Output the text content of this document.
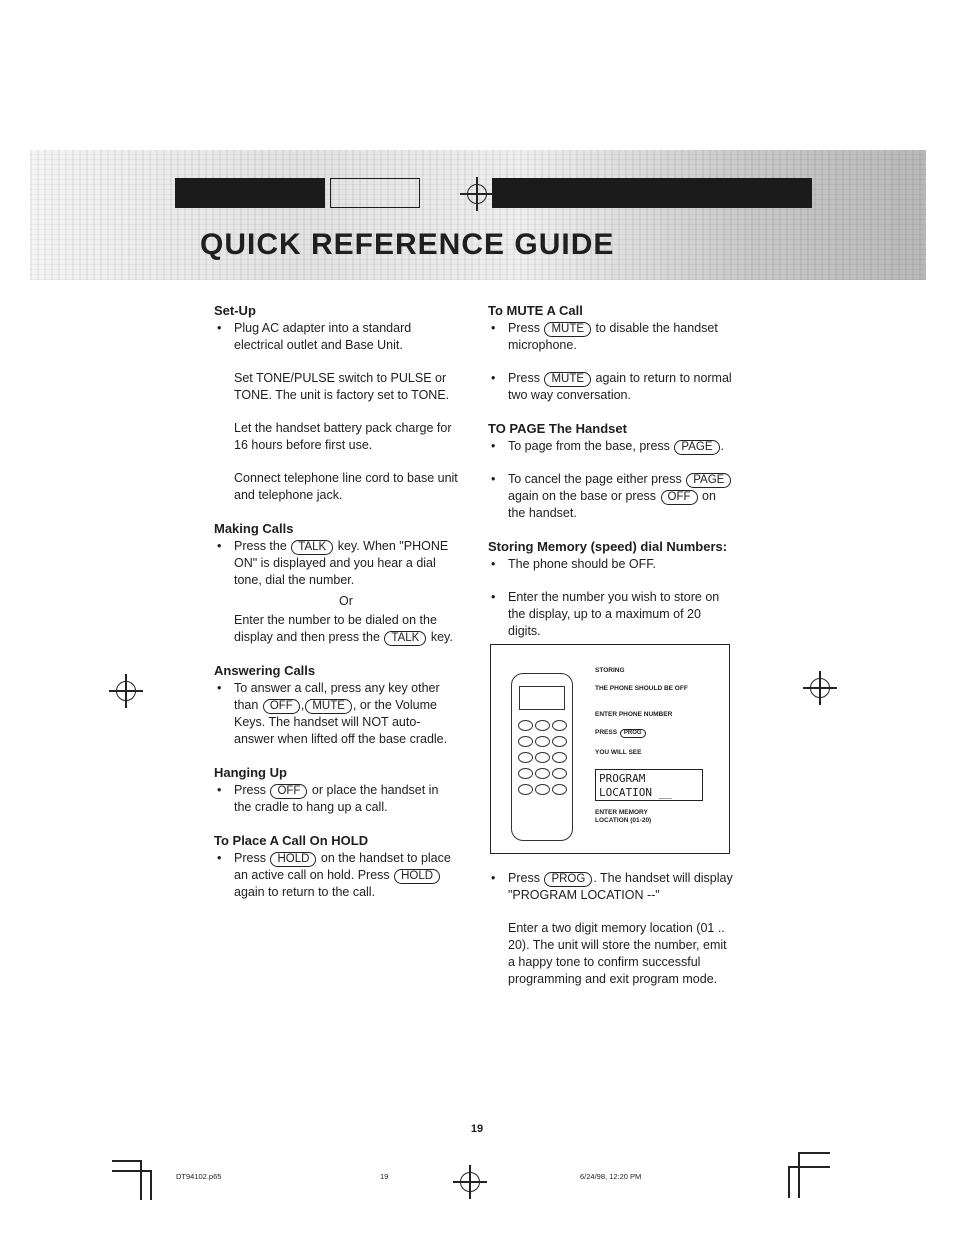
QUICK REFERENCE GUIDE
Set-Up
• Plug AC adapter into a standard electrical outlet and Base Unit.
Set TONE/PULSE switch to PULSE or TONE. The unit is factory set to TONE.
Let the handset battery pack charge for 16 hours before first use.
Connect telephone line cord to base unit and telephone jack.
Making Calls
• Press the TALK key. When "PHONE ON" is displayed and you hear a dial tone, dial the number.
Or
Enter the number to be dialed on the display and then press the TALK key.
Answering Calls
• To answer a call, press any key other than OFF , MUTE , or the Volume Keys. The handset will NOT auto-answer when lifted off the base cradle.
Hanging Up
• Press OFF or place the handset in the cradle to hang up a call.
To Place A Call On HOLD
• Press HOLD on the handset to place an active call on hold. Press HOLD again to return to the call.
To MUTE A Call
• Press MUTE to disable the handset microphone.
• Press MUTE again to return to normal two way conversation.
TO PAGE The Handset
• To page from the base, press PAGE .
• To cancel the page either press PAGE again on the base or press OFF on the handset.
Storing Memory (speed) dial Numbers:
• The phone should be OFF.
• Enter the number you wish to store on the display, up to a maximum of 20 digits.
STORING
THE PHONE SHOULD BE OFF
ENTER PHONE NUMBER
PRESS PROG
YOU WILL SEE
PROGRAM
LOCATION __
ENTER MEMORY LOCATION (01-20)
• Press PROG . The handset will display "PROGRAM LOCATION --"
Enter a two digit memory location (01 .. 20). The unit will store the number, emit a happy tone to confirm successful programming and exit program mode.
19
DT94102.p65	19	6/24/98, 12:20 PM
